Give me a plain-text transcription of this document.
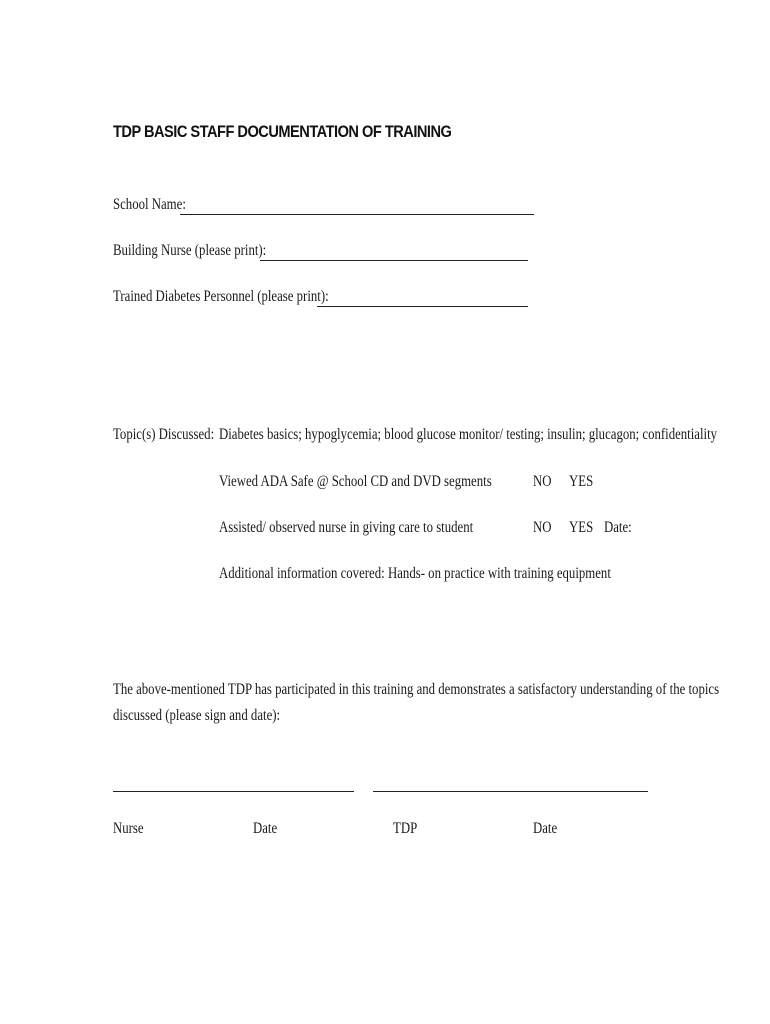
TDP BASIC STAFF DOCUMENTATION OF TRAINING
School Name:
Building Nurse (please print):
Trained Diabetes Personnel (please print):
Topic(s) Discussed: Diabetes basics; hypoglycemia; blood glucose monitor/ testing; insulin; glucagon; confidentiality
Viewed ADA Safe @ School CD and DVD segments	NO YES
Assisted/ observed nurse in giving care to student	NO YES Date:
Additional information covered: Hands- on practice with training equipment
The above-mentioned TDP has participated in this training and demonstrates a satisfactory understanding of the topics
discussed (please sign and date):
Nurse	Date	TDP	Date
